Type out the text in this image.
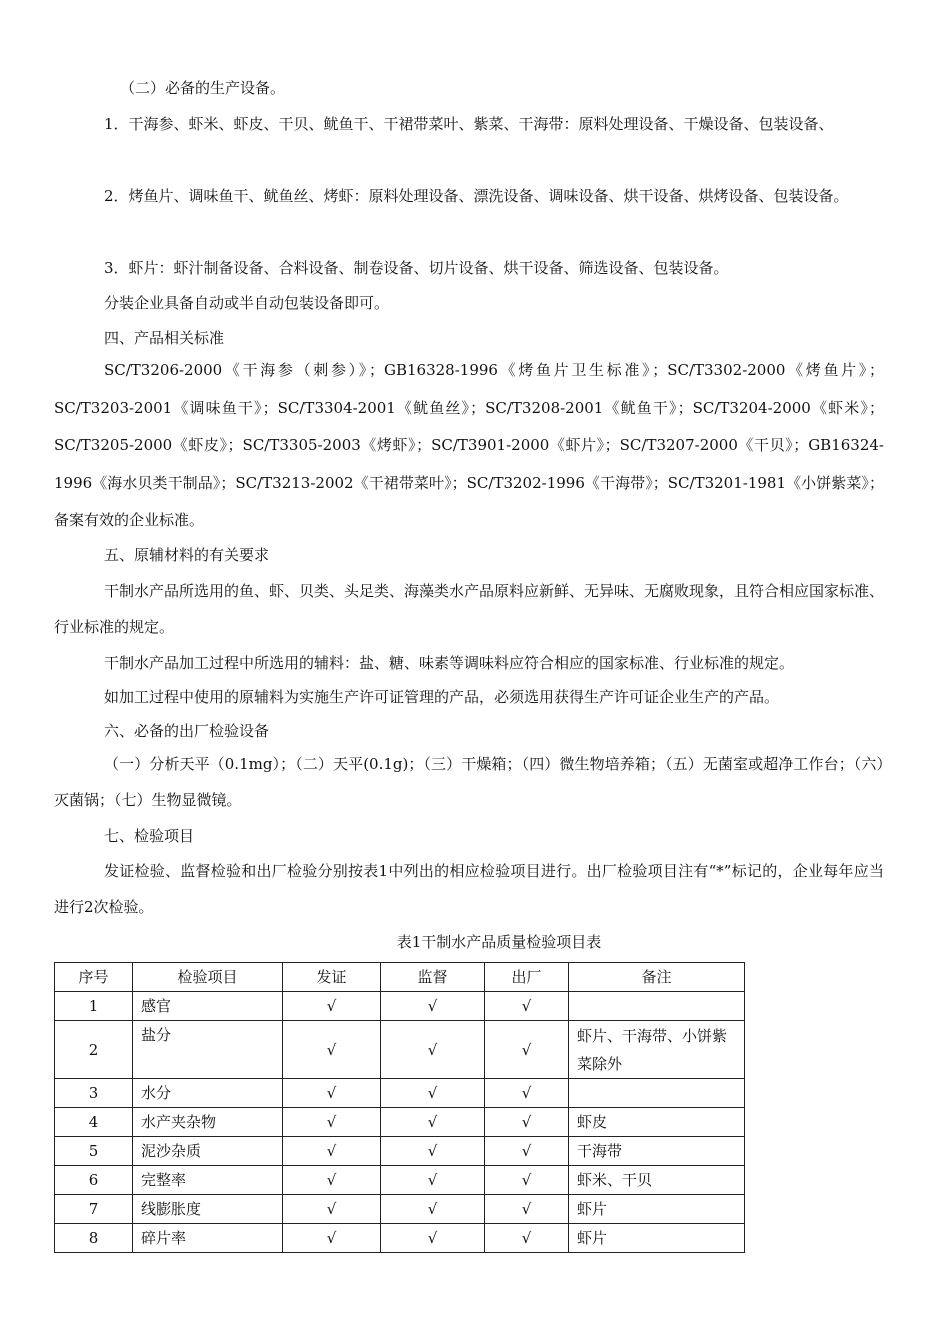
（二）必备的生产设备。

1．干海参、虾米、虾皮、干贝、鱿鱼干、干裙带菜叶、紫菜、干海带：原料处理设备、干燥设备、包装设备、

2．烤鱼片、调味鱼干、鱿鱼丝、烤虾：原料处理设备、漂洗设备、调味设备、烘干设备、烘烤设备、包装设备。

3．虾片：虾汁制备设备、合料设备、制卷设备、切片设备、烘干设备、筛选设备、包装设备。

分装企业具备自动或半自动包装设备即可。

四、产品相关标准

SC/T3206-2000《干海参（刺参）》；GB16328-1996《烤鱼片卫生标准》；SC/T3302-2000《烤鱼片》；SC/T3203-2001《调味鱼干》；SC/T3304-2001《鱿鱼丝》；SC/T3208-2001《鱿鱼干》；SC/T3204-2000《虾米》；SC/T3205-2000《虾皮》；SC/T3305-2003《烤虾》；SC/T3901-2000《虾片》；SC/T3207-2000《干贝》；GB16324-1996《海水贝类干制品》；SC/T3213-2002《干裙带菜叶》；SC/T3202-1996《干海带》；SC/T3201-1981《小饼紫菜》；备案有效的企业标准。

五、原辅材料的有关要求

干制水产品所选用的鱼、虾、贝类、头足类、海藻类水产品原料应新鲜、无异味、无腐败现象，且符合相应国家标准、行业标准的规定。

干制水产品加工过程中所选用的辅料：盐、糖、味素等调味料应符合相应的国家标准、行业标准的规定。

如加工过程中使用的原辅料为实施生产许可证管理的产品，必须选用获得生产许可证企业生产的产品。

六、必备的出厂检验设备

（一）分析天平（0.1mg）；（二）天平(0.1g)；（三）干燥箱；（四）微生物培养箱；（五）无菌室或超净工作台；（六）灭菌锅；（七）生物显微镜。

七、检验项目

发证检验、监督检验和出厂检验分别按表1中列出的相应检验项目进行。出厂检验项目注有“*”标记的，企业每年应当进行2次检验。

表1干制水产品质量检验项目表
序号	检验项目	发证	监督	出厂	备注
1	感官	√	√	√	
2	盐分	√	√	√	虾片、干海带、小饼紫菜除外
3	水分	√	√	√	
4	水产夹杂物	√	√	√	虾皮
5	泥沙杂质	√	√	√	干海带
6	完整率	√	√	√	虾米、干贝
7	线膨胀度	√	√	√	虾片
8	碎片率	√	√	√	虾片
